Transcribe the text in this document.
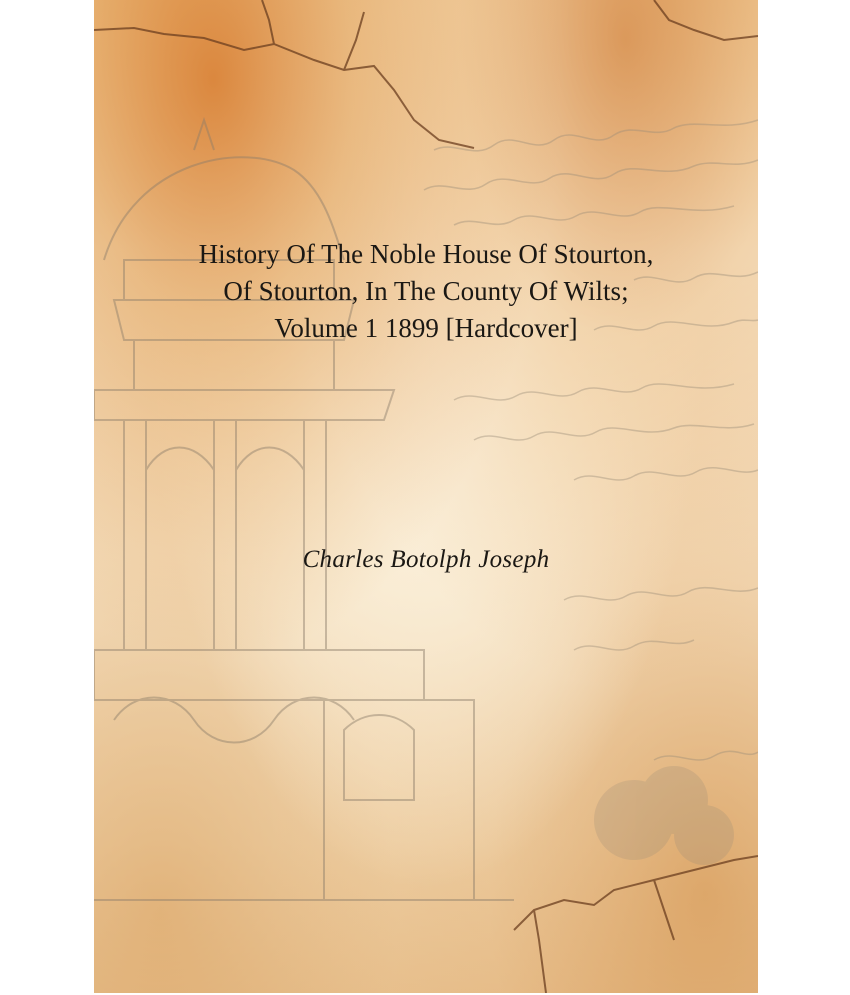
History Of The Noble House Of Stourton,
Of Stourton, In The County Of Wilts;
Volume 1 1899 [Hardcover]
Charles Botolph Joseph
